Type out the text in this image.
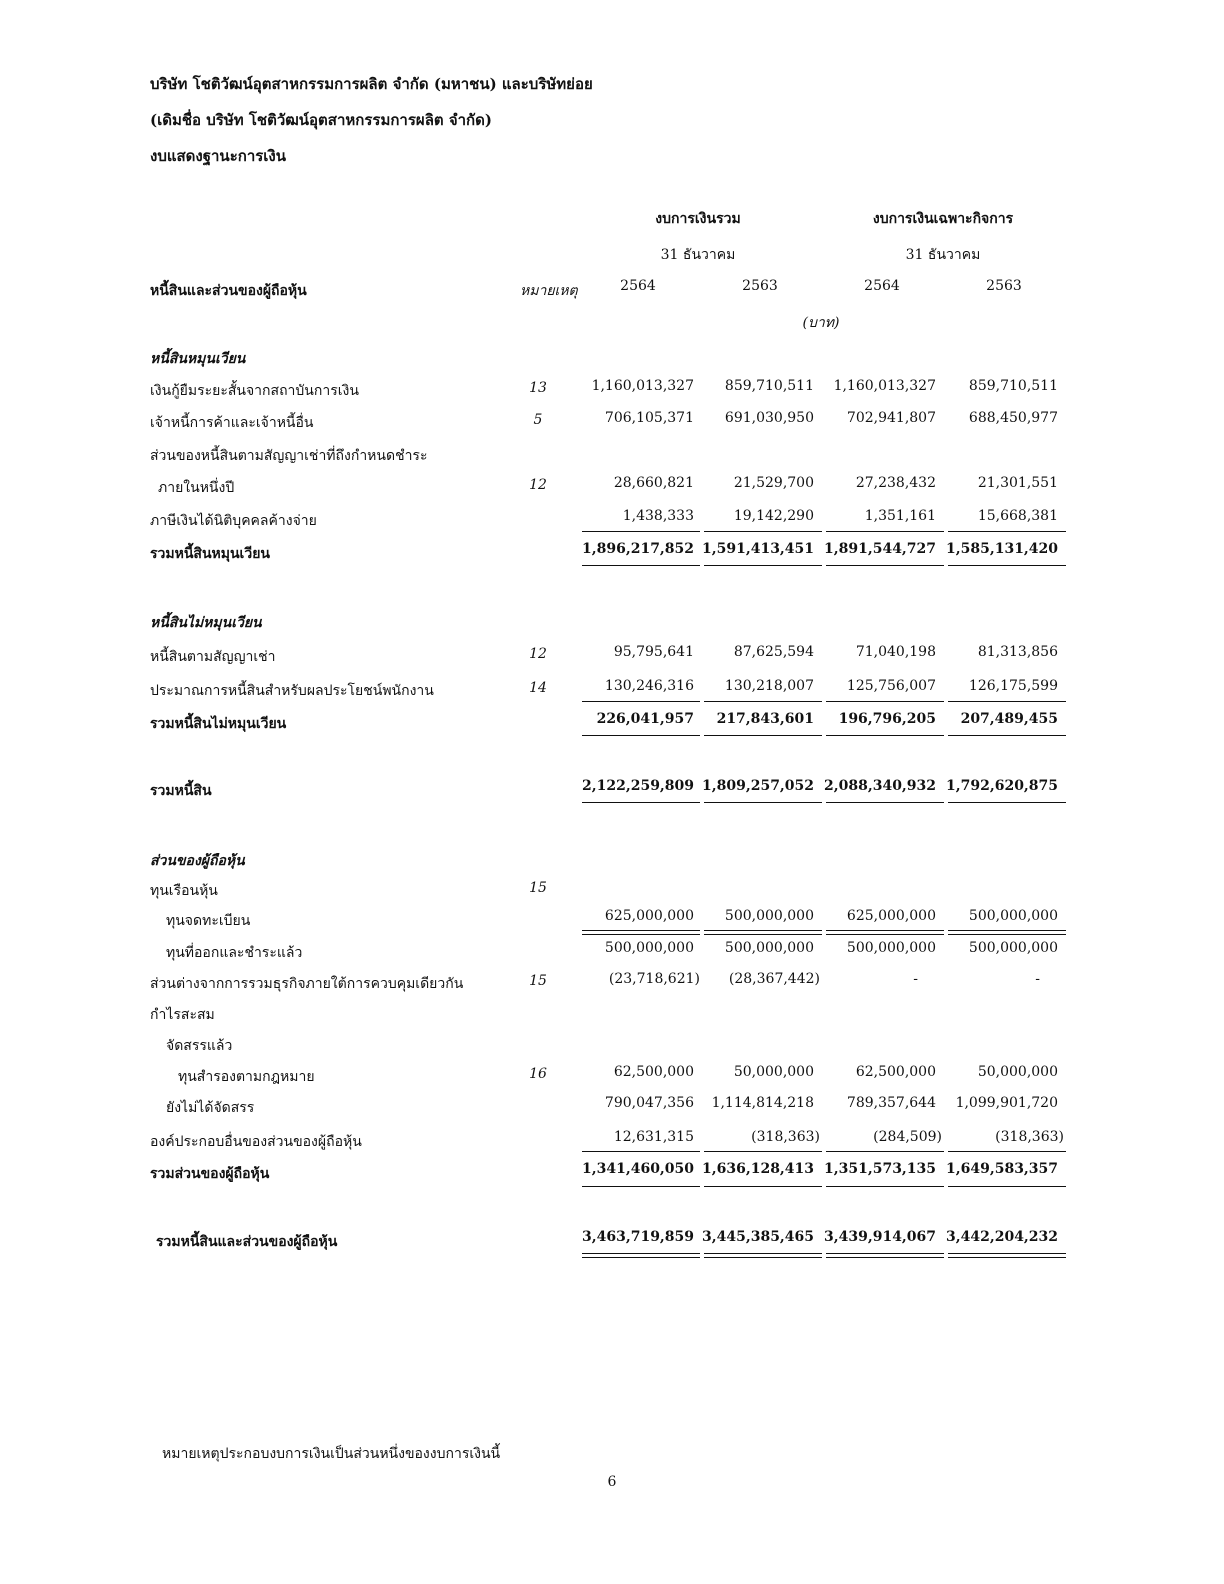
บริษัท โชติวัฒน์อุตสาหกรรมการผลิต จำกัด (มหาชน) และบริษัทย่อย
(เดิมชื่อ บริษัท โชติวัฒน์อุตสาหกรรมการผลิต จำกัด)
งบแสดงฐานะการเงิน
งบการเงินรวม	งบการเงินเฉพาะกิจการ
31 ธันวาคม	31 ธันวาคม
หนี้สินและส่วนของผู้ถือหุ้น	หมายเหตุ	2564	2563	2564	2563
(บาท)
หนี้สินหมุนเวียน
เงินกู้ยืมระยะสั้นจากสถาบันการเงิน	13	1,160,013,327	859,710,511	1,160,013,327	859,710,511
เจ้าหนี้การค้าและเจ้าหนี้อื่น	5	706,105,371	691,030,950	702,941,807	688,450,977
ส่วนของหนี้สินตามสัญญาเช่าที่ถึงกำหนดชำระ
ภายในหนึ่งปี	12	28,660,821	21,529,700	27,238,432	21,301,551
ภาษีเงินได้นิติบุคคลค้างจ่าย	1,438,333	19,142,290	1,351,161	15,668,381
รวมหนี้สินหมุนเวียน	1,896,217,852 1,591,413,451 1,891,544,727 1,585,131,420
หนี้สินไม่หมุนเวียน
หนี้สินตามสัญญาเช่า	12	95,795,641	87,625,594	71,040,198	81,313,856
ประมาณการหนี้สินสำหรับผลประโยชน์พนักงาน	14	130,246,316	130,218,007	125,756,007	126,175,599
รวมหนี้สินไม่หมุนเวียน	226,041,957	217,843,601	196,796,205	207,489,455
รวมหนี้สิน	2,122,259,809 1,809,257,052 2,088,340,932 1,792,620,875
ส่วนของผู้ถือหุ้น
ทุนเรือนหุ้น	15
ทุนจดทะเบียน	625,000,000	500,000,000	625,000,000	500,000,000
ทุนที่ออกและชำระแล้ว	500,000,000	500,000,000	500,000,000	500,000,000
ส่วนต่างจากการรวมธุรกิจภายใต้การควบคุมเดียวกัน	15	(23,718,621)	(28,367,442)	-	-
กำไรสะสม
จัดสรรแล้ว
ทุนสำรองตามกฎหมาย	16	62,500,000	50,000,000	62,500,000	50,000,000
ยังไม่ได้จัดสรร	790,047,356	1,114,814,218	789,357,644	1,099,901,720
องค์ประกอบอื่นของส่วนของผู้ถือหุ้น	12,631,315	(318,363)	(284,509)	(318,363)
รวมส่วนของผู้ถือหุ้น	1,341,460,050 1,636,128,413 1,351,573,135 1,649,583,357
รวมหนี้สินและส่วนของผู้ถือหุ้น	3,463,719,859 3,445,385,465 3,439,914,067 3,442,204,232
หมายเหตุประกอบงบการเงินเป็นส่วนหนึ่งของงบการเงินนี้
6
